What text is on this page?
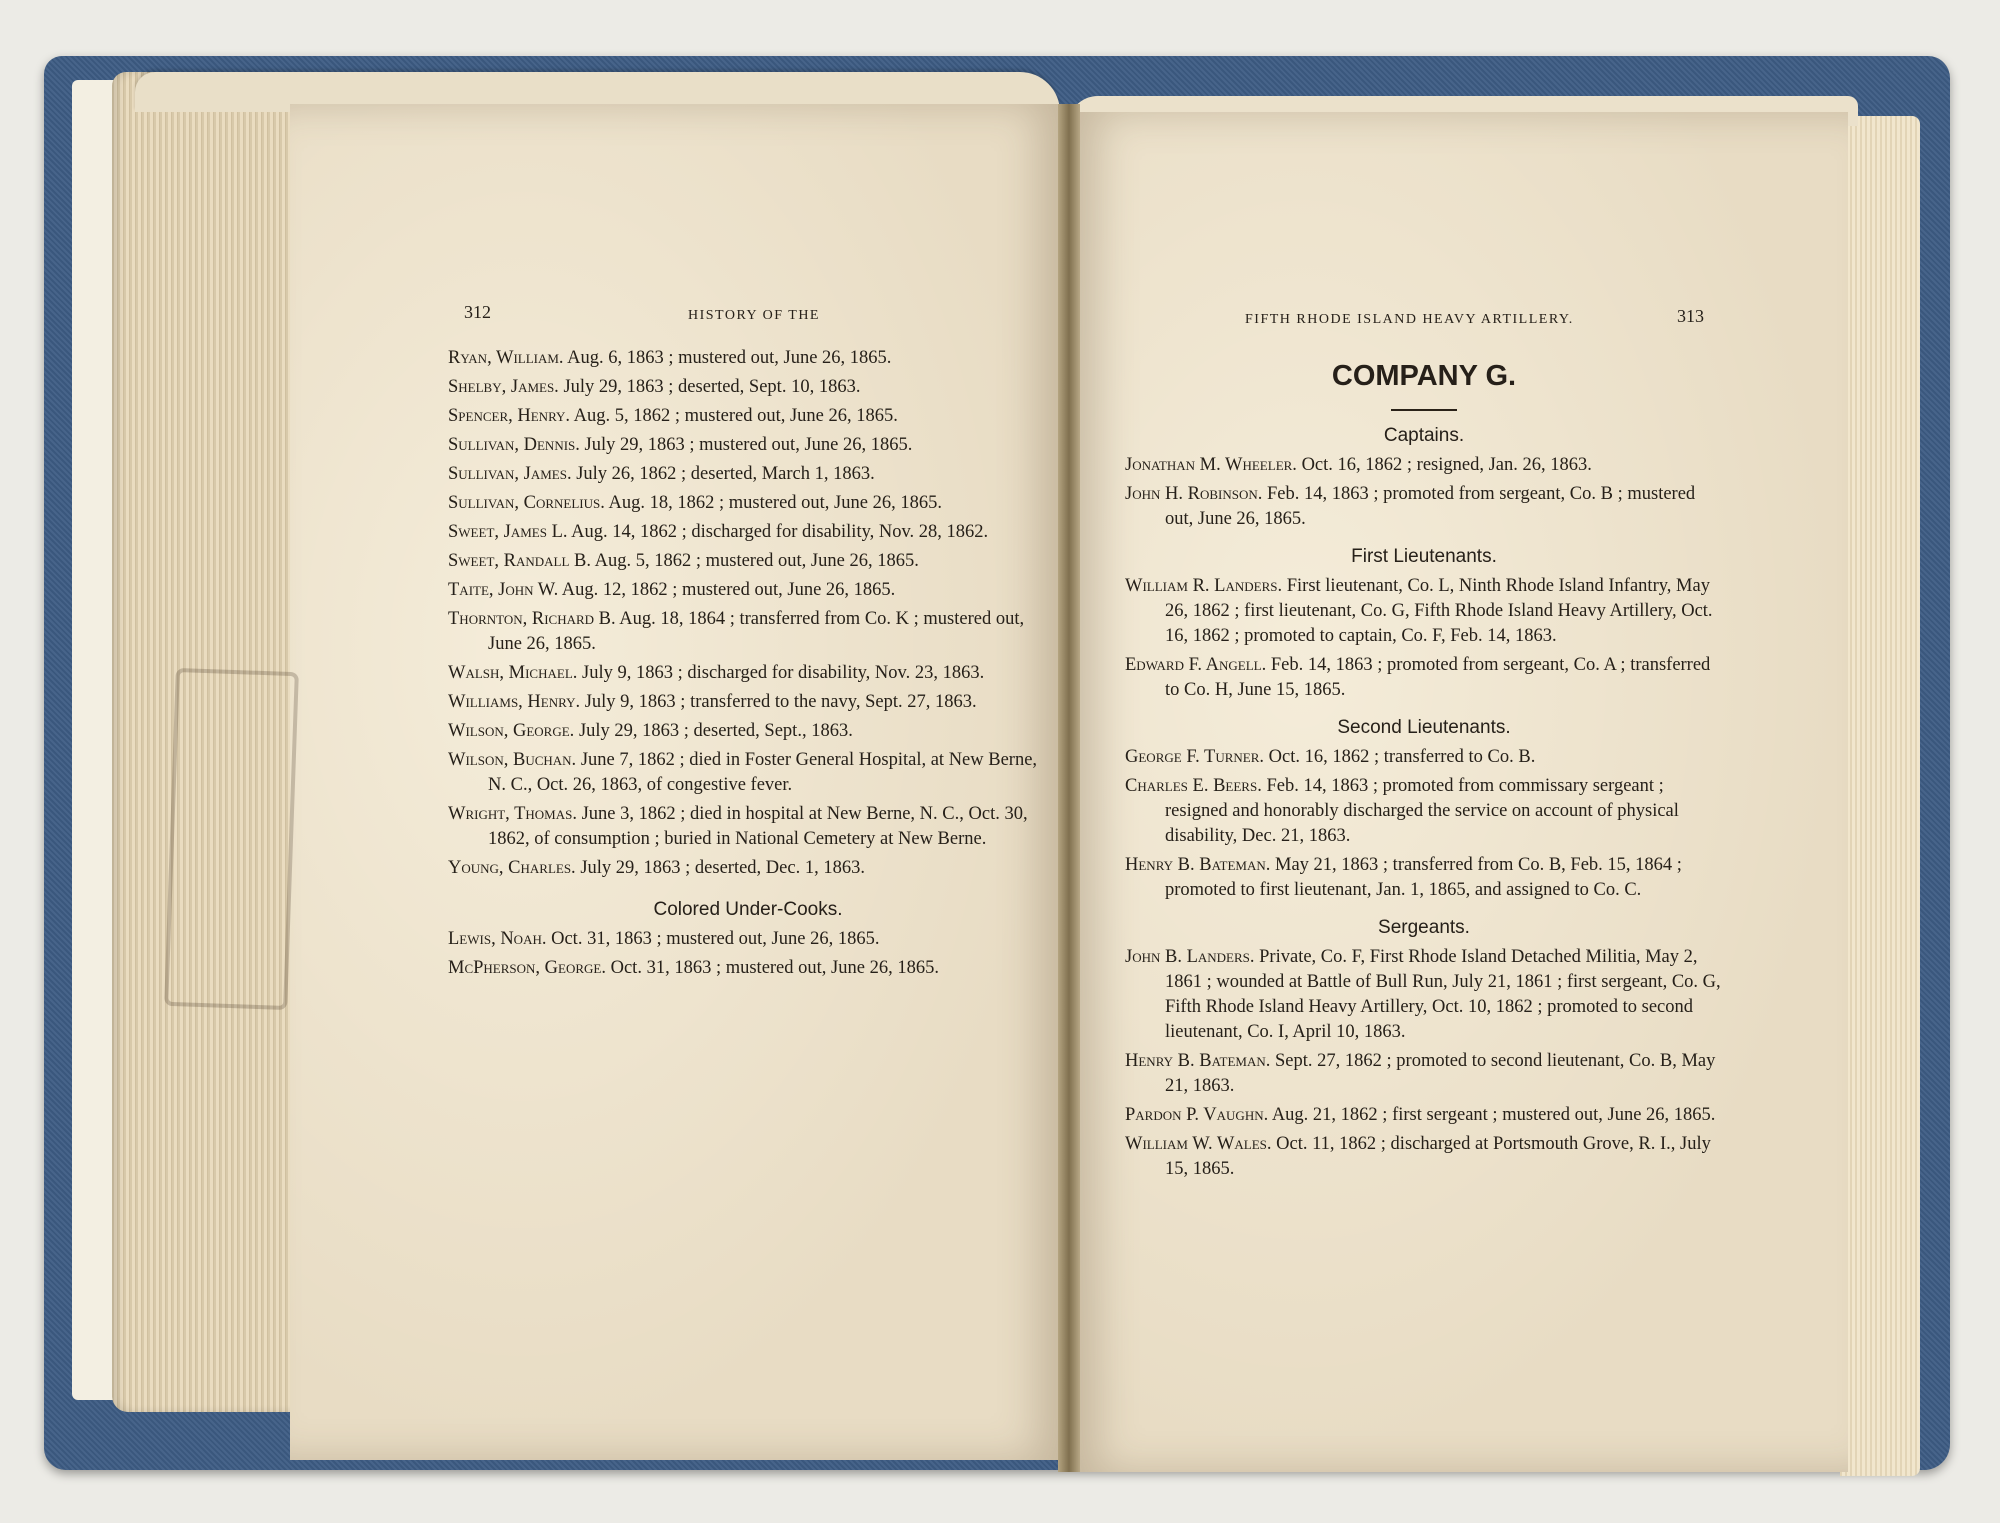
312	HISTORY OF THE

Ryan, William. Aug. 6, 1863 ; mustered out, June 26, 1865.

Shelby, James. July 29, 1863 ; deserted, Sept. 10, 1863.

Spencer, Henry. Aug. 5, 1862 ; mustered out, June 26, 1865.

Sullivan, Dennis. July 29, 1863 ; mustered out, June 26, 1865.

Sullivan, James. July 26, 1862 ; deserted, March 1, 1863.

Sullivan, Cornelius. Aug. 18, 1862 ; mustered out, June 26, 1865.

Sweet, James L. Aug. 14, 1862 ; discharged for disability, Nov. 28, 1862.

Sweet, Randall B. Aug. 5, 1862 ; mustered out, June 26, 1865.

Taite, John W. Aug. 12, 1862 ; mustered out, June 26, 1865.

Thornton, Richard B. Aug. 18, 1864 ; transferred from Co. K ; mustered out, June 26, 1865.

Walsh, Michael. July 9, 1863 ; discharged for disability, Nov. 23, 1863.

Williams, Henry. July 9, 1863 ; transferred to the navy, Sept. 27, 1863.

Wilson, George. July 29, 1863 ; deserted, Sept., 1863.

Wilson, Buchan. June 7, 1862 ; died in Foster General Hospital, at New Berne, N. C., Oct. 26, 1863, of congestive fever.

Wright, Thomas. June 3, 1862 ; died in hospital at New Berne, N. C., Oct. 30, 1862, of consumption ; buried in National Cemetery at New Berne.

Young, Charles. July 29, 1863 ; deserted, Dec. 1, 1863.

Colored Under-Cooks.

Lewis, Noah. Oct. 31, 1863 ; mustered out, June 26, 1865.

McPherson, George. Oct. 31, 1863 ; mustered out, June 26, 1865.

FIFTH RHODE ISLAND HEAVY ARTILLERY.	313
COMPANY G.
Captains.

Jonathan M. Wheeler. Oct. 16, 1862 ; resigned, Jan. 26, 1863.

John H. Robinson. Feb. 14, 1863 ; promoted from sergeant, Co. B ; mustered out, June 26, 1865.

First Lieutenants.

William R. Landers. First lieutenant, Co. L, Ninth Rhode Island Infantry, May 26, 1862 ; first lieutenant, Co. G, Fifth Rhode Island Heavy Artillery, Oct. 16, 1862 ; promoted to captain, Co. F, Feb. 14, 1863.

Edward F. Angell. Feb. 14, 1863 ; promoted from sergeant, Co. A ; transferred to Co. H, June 15, 1865.

Second Lieutenants.

George F. Turner. Oct. 16, 1862 ; transferred to Co. B.

Charles E. Beers. Feb. 14, 1863 ; promoted from commissary sergeant ; resigned and honorably discharged the service on account of physical disability, Dec. 21, 1863.

Henry B. Bateman. May 21, 1863 ; transferred from Co. B, Feb. 15, 1864 ; promoted to first lieutenant, Jan. 1, 1865, and assigned to Co. C.

Sergeants.

John B. Landers. Private, Co. F, First Rhode Island Detached Militia, May 2, 1861 ; wounded at Battle of Bull Run, July 21, 1861 ; first sergeant, Co. G, Fifth Rhode Island Heavy Artillery, Oct. 10, 1862 ; promoted to second lieutenant, Co. I, April 10, 1863.

Henry B. Bateman. Sept. 27, 1862 ; promoted to second lieutenant, Co. B, May 21, 1863.

Pardon P. Vaughn. Aug. 21, 1862 ; first sergeant ; mustered out, June 26, 1865.

William W. Wales. Oct. 11, 1862 ; discharged at Portsmouth Grove, R. I., July 15, 1865.
